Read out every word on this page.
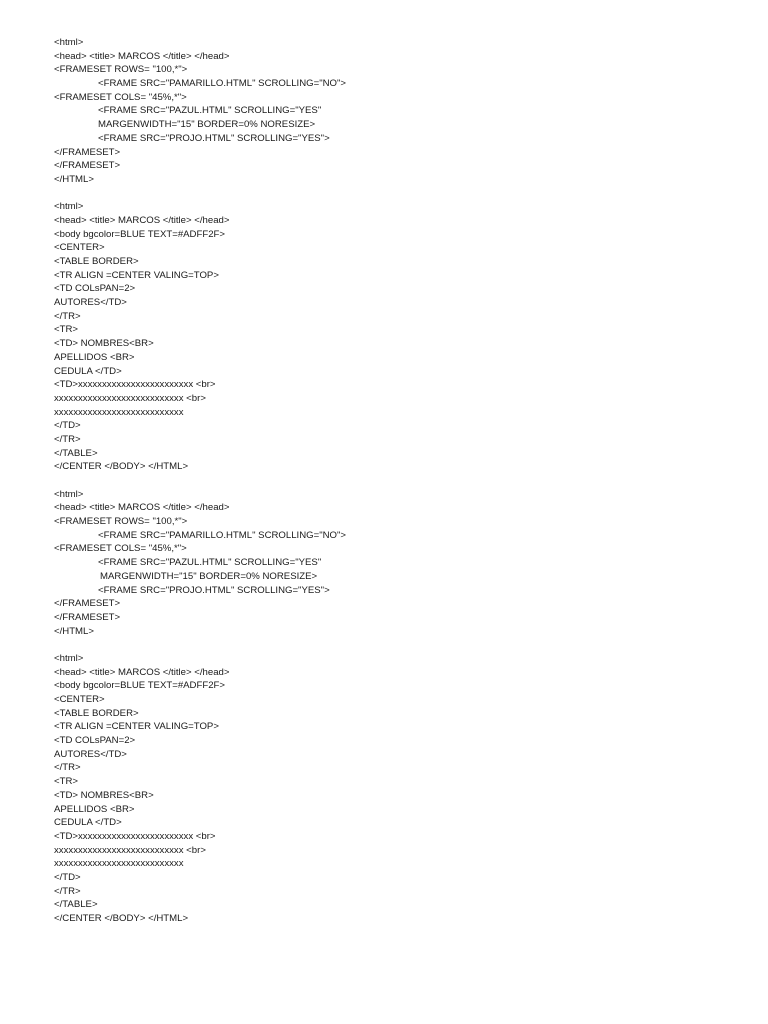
<html>
<head> <title> MARCOS </title> </head>
<FRAMESET ROWS= "100,*">
<FRAME SRC="PAMARILLO.HTML" SCROLLING="NO">
<FRAMESET COLS= "45%,*">
<FRAME SRC="PAZUL.HTML" SCROLLING="YES"
MARGENWIDTH="15" BORDER=0% NORESIZE>
<FRAME SRC="PROJO.HTML" SCROLLING="YES">
</FRAMESET>
</FRAMESET>
</HTML>
<html>
<head> <title> MARCOS </title> </head>
<body bgcolor=BLUE TEXT=#ADFF2F>
<CENTER>
<TABLE BORDER>
<TR ALIGN =CENTER VALING=TOP>
<TD COLsPAN=2>
AUTORES</TD>
</TR>
<TR>
<TD> NOMBRES<BR>
APELLIDOS <BR>
CEDULA </TD>
<TD>xxxxxxxxxxxxxxxxxxxxxxxx <br>
xxxxxxxxxxxxxxxxxxxxxxxxxxx <br>
xxxxxxxxxxxxxxxxxxxxxxxxxxx
</TD>
</TR>
</TABLE>
</CENTER </BODY> </HTML>
<html>
<head> <title> MARCOS </title> </head>
<FRAMESET ROWS= "100,*">
<FRAME SRC="PAMARILLO.HTML" SCROLLING="NO">
<FRAMESET COLS= "45%,*">
<FRAME SRC="PAZUL.HTML" SCROLLING="YES"
MARGENWIDTH="15" BORDER=0% NORESIZE>
<FRAME SRC="PROJO.HTML" SCROLLING="YES">
</FRAMESET>
</FRAMESET>
</HTML>
<html>
<head> <title> MARCOS </title> </head>
<body bgcolor=BLUE TEXT=#ADFF2F>
<CENTER>
<TABLE BORDER>
<TR ALIGN =CENTER VALING=TOP>
<TD COLsPAN=2>
AUTORES</TD>
</TR>
<TR>
<TD> NOMBRES<BR>
APELLIDOS <BR>
CEDULA </TD>
<TD>xxxxxxxxxxxxxxxxxxxxxxxx <br>
xxxxxxxxxxxxxxxxxxxxxxxxxxx <br>
xxxxxxxxxxxxxxxxxxxxxxxxxxx
</TD>
</TR>
</TABLE>
</CENTER </BODY> </HTML>
